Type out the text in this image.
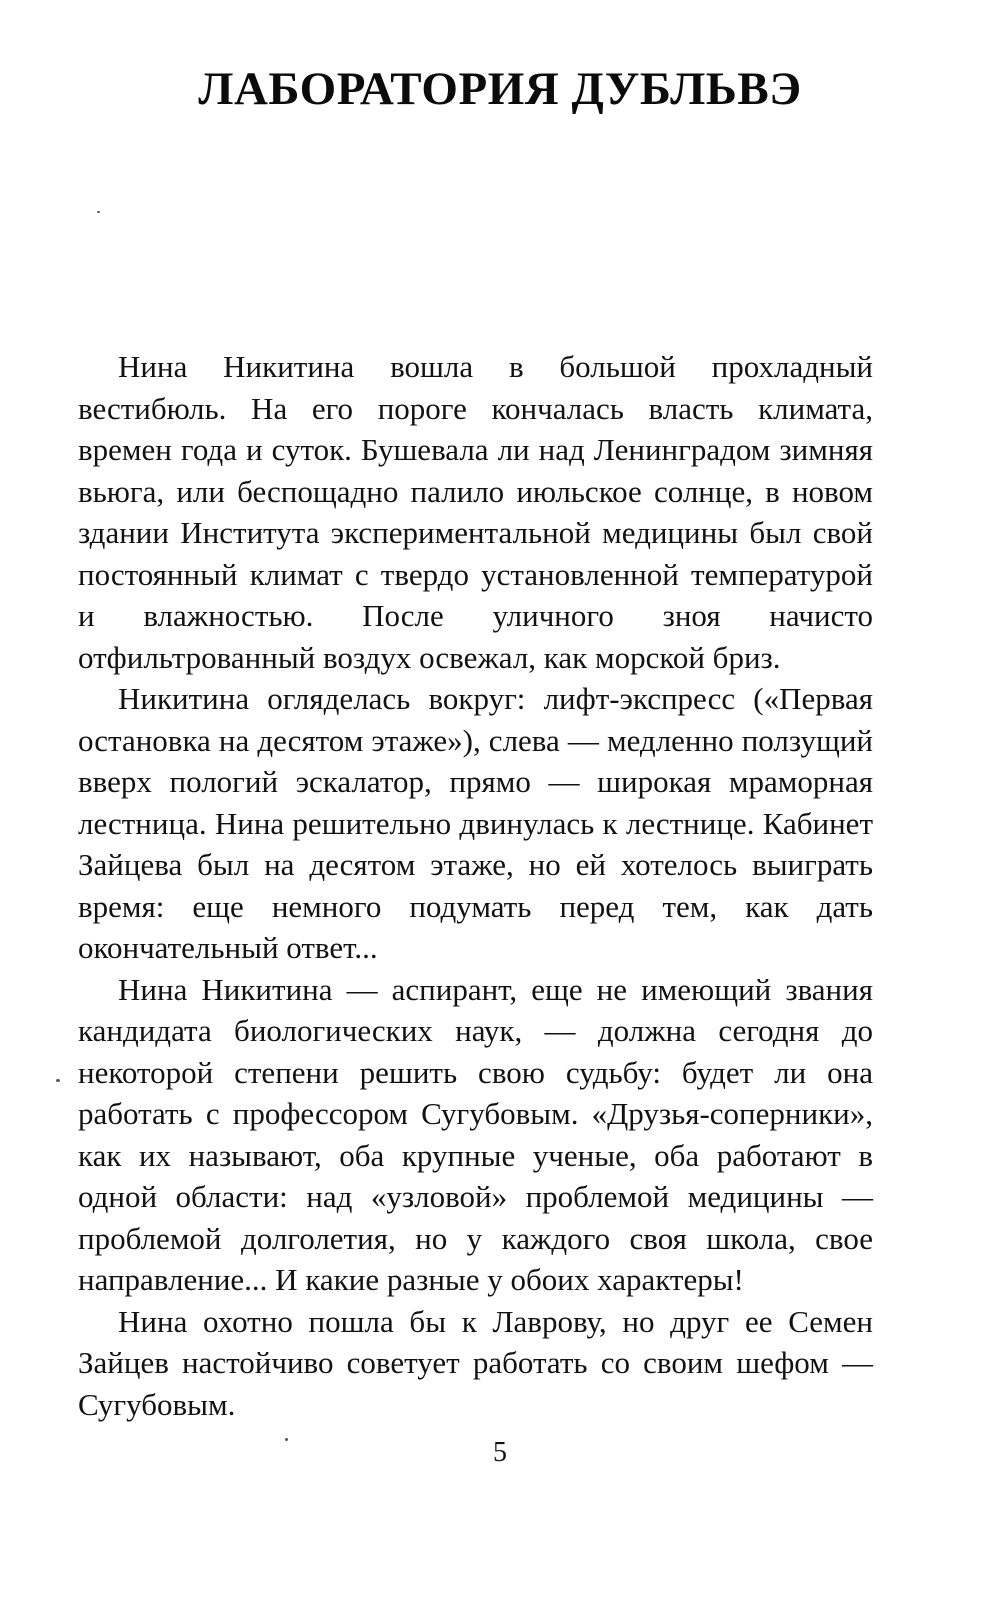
ЛАБОРАТОРИЯ ДУБЛЬВЭ

Нина Никитина вошла в большой прохладный вестибюль. На его пороге кончалась власть климата, времен года и суток. Бушевала ли над Ленинградом зимняя вьюга, или беспощадно палило июльское солнце, в новом здании Института экспериментальной медицины был свой постоянный климат с твердо установленной температурой и влажностью. После уличного зноя начисто отфильтрованный воздух освежал, как морской бриз.

Никитина огляделась вокруг: лифт-экспресс («Первая остановка на десятом этаже»), слева — медленно ползущий вверх пологий эскалатор, прямо — широкая мраморная лестница. Нина решительно двинулась к лестнице. Кабинет Зайцева был на десятом этаже, но ей хотелось выиграть время: еще немного подумать перед тем, как дать окончательный ответ...

Нина Никитина — аспирант, еще не имеющий звания кандидата биологических наук, — должна сегодня до некоторой степени решить свою судьбу: будет ли она работать с профессором Сугубовым. «Друзья-соперники», как их называют, оба крупные ученые, оба работают в одной области: над «узловой» проблемой медицины — проблемой долголетия, но у каждого своя школа, свое направление... И какие разные у обоих характеры!

Нина охотно пошла бы к Лаврову, но друг ее Семен Зайцев настойчиво советует работать со своим шефом — Сугубовым.

5
